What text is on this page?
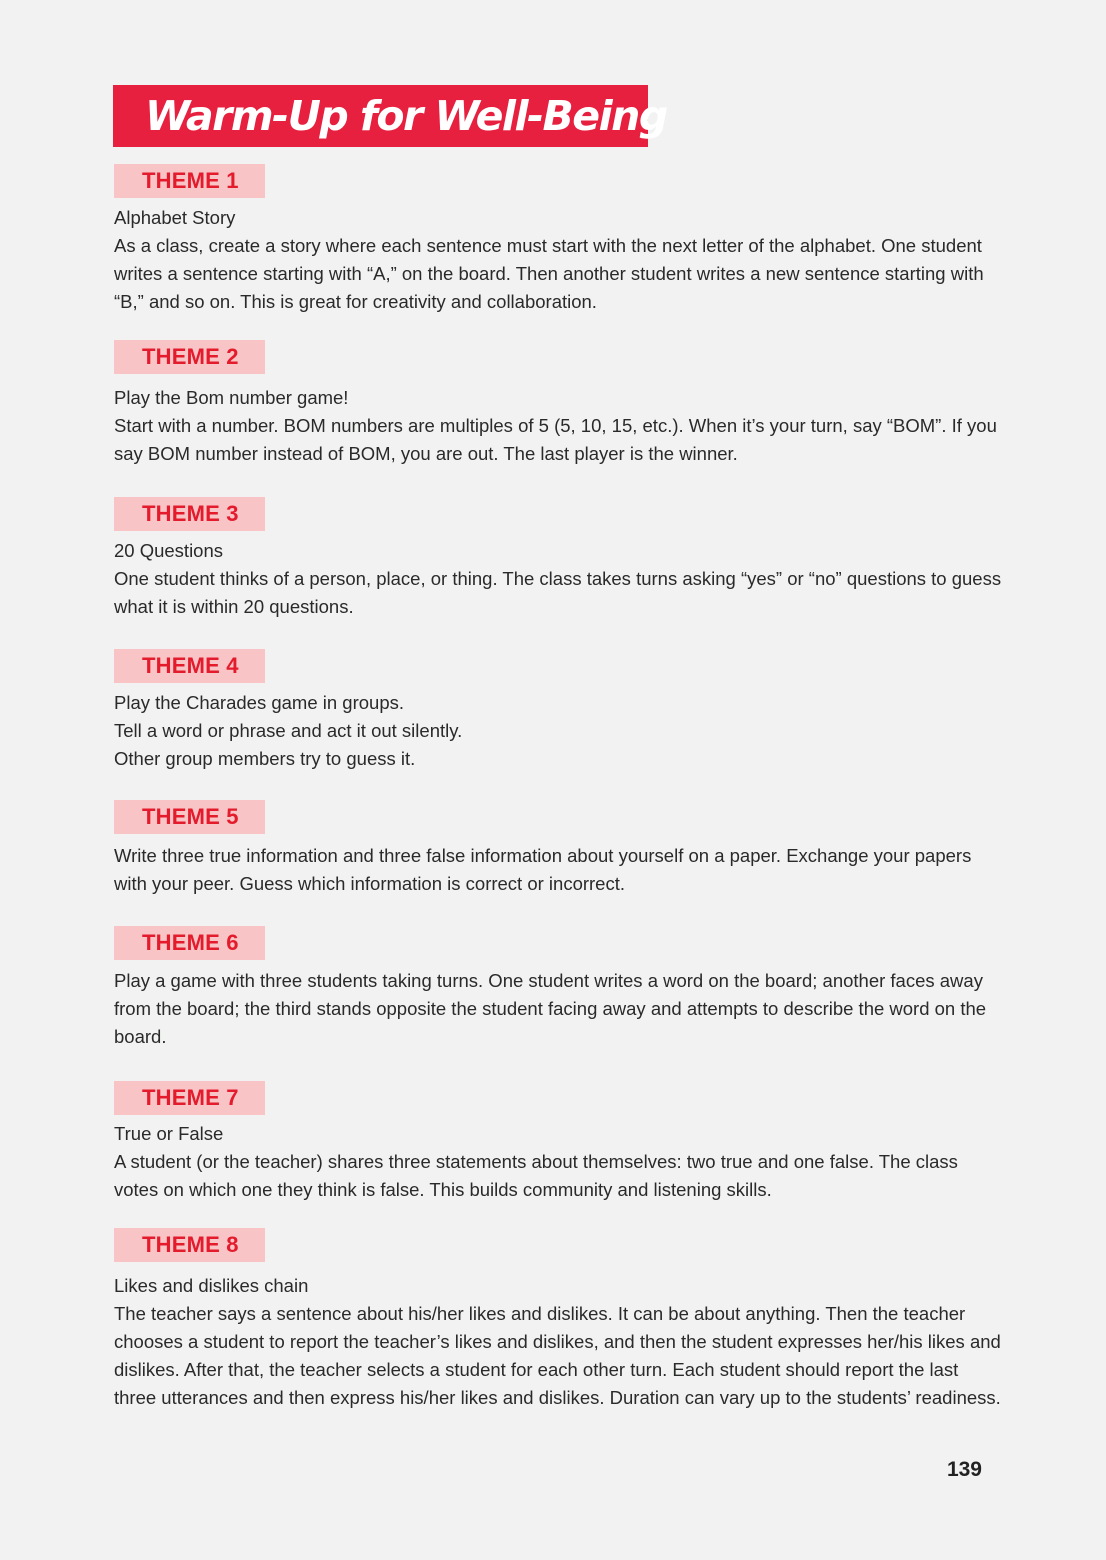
Warm-Up for Well-Being
THEME 1

Alphabet Story

As a class, create a story where each sentence must start with the next letter of the alphabet. One student writes a sentence starting with “A,” on the board. Then another student writes a new sentence starting with “B,” and so on. This is great for creativity and collaboration.

THEME 2

Play the Bom number game!

Start with a number. BOM numbers are multiples of 5 (5, 10, 15, etc.). When it’s your turn, say “BOM”. If you say BOM number instead of BOM, you are out. The last player is the winner.

THEME 3

20 Questions

One student thinks of a person, place, or thing. The class takes turns asking “yes” or “no” questions to guess what it is within 20 questions.

THEME 4

Play the Charades game in groups.

Tell a word or phrase and act it out silently.

Other group members try to guess it.

THEME 5

Write three true information and three false information about yourself on a paper. Exchange your papers with your peer. Guess which information is correct or incorrect.

THEME 6

Play a game with three students taking turns. One student writes a word on the board; another faces away from the board; the third stands opposite the student facing away and attempts to describe the word on the board.

THEME 7

True or False

A student (or the teacher) shares three statements about themselves: two true and one false. The class votes on which one they think is false. This builds community and listening skills.

THEME 8

Likes and dislikes chain

The teacher says a sentence about his/her likes and dislikes. It can be about anything. Then the teacher chooses a student to report the teacher’s likes and dislikes, and then the student expresses her/his likes and dislikes. After that, the teacher selects a student for each other turn. Each student should report the last three utterances and then express his/her likes and dislikes. Duration can vary up to the students’ readiness.

139
